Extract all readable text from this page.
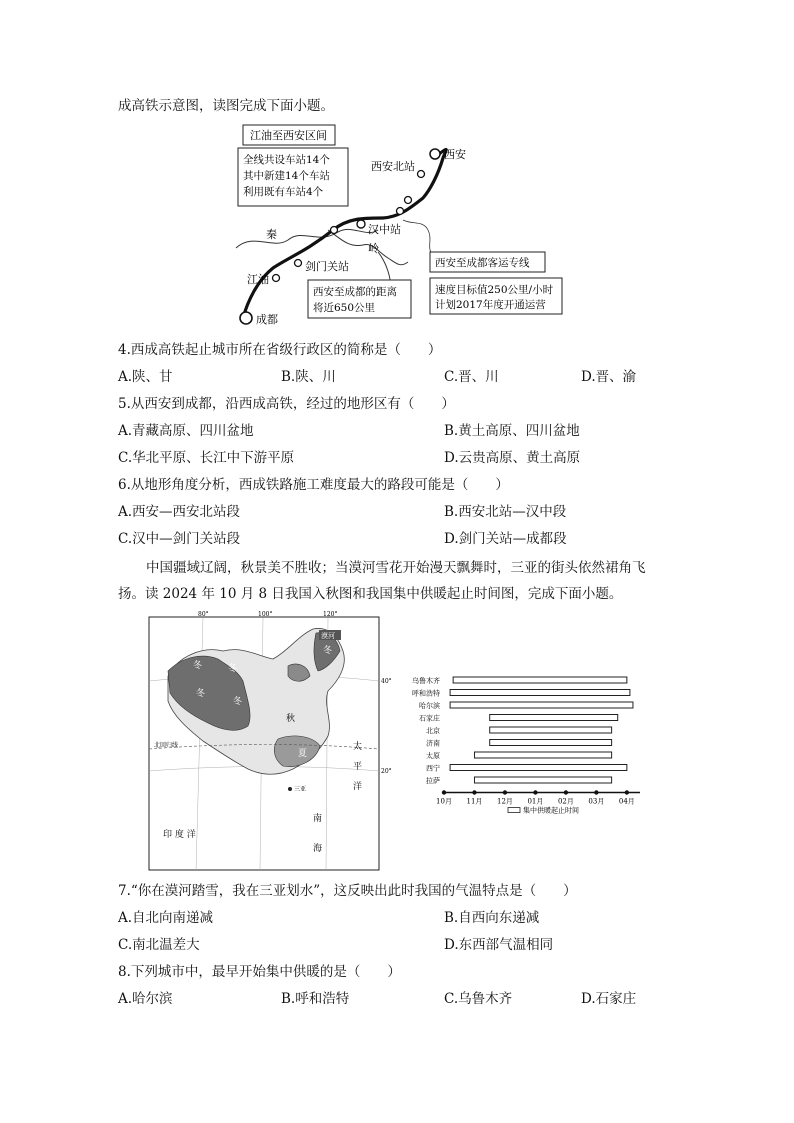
成高铁示意图，读图完成下面小题。
江油至西安区间
全线共设车站14个
其中新建14个车站
利用既有车站4个
秦
岭
西安
西安北站
汉中站
江油
剑门关站
成都
西安至成都的距离
将近650公里
西安至成都客运专线
速度目标值250公里/小时
计划2017年度开通运营
4.西成高铁起止城市所在省级行政区的简称是（　　）
A.陕、甘	B.陕、川	C.晋、川	D.晋、渝
5.从西安到成都，沿西成高铁，经过的地形区有（　　）
A.青藏高原、四川盆地	B.黄土高原、四川盆地
C.华北平原、长江中下游平原	D.云贵高原、黄土高原
6.从地形角度分析，西成铁路施工难度最大的路段可能是（　　）
A.西安—西安北站段	B.西安北站—汉中段
C.汉中—剑门关站段	D.剑门关站—成都段
中国疆域辽阔，秋景美不胜收；当漠河雪花开始漫天飘舞时，三亚的街头依然裙角飞
扬。读 2024 年 10 月 8 日我国入秋图和我国集中供暖起止时间图，完成下面小题。
80°	100°	120°
40°
20°
漠河
冬	冬
冬
冬
冬
秋
夏
三亚
北回归线	太
平
洋
印 度 洋
南
海
乌鲁木齐
呼和浩特
哈尔滨
石家庄
北京
济南
太原
西宁
拉萨
10月 11月 12月 01月 02月 03月 04月
集中供暖起止时间
7.“你在漠河踏雪，我在三亚划水”，这反映出此时我国的气温特点是（　　）
A.自北向南递减	B.自西向东递减
C.南北温差大	D.东西部气温相同
8.下列城市中，最早开始集中供暖的是（　　）
A.哈尔滨	B.呼和浩特	C.乌鲁木齐	D.石家庄
